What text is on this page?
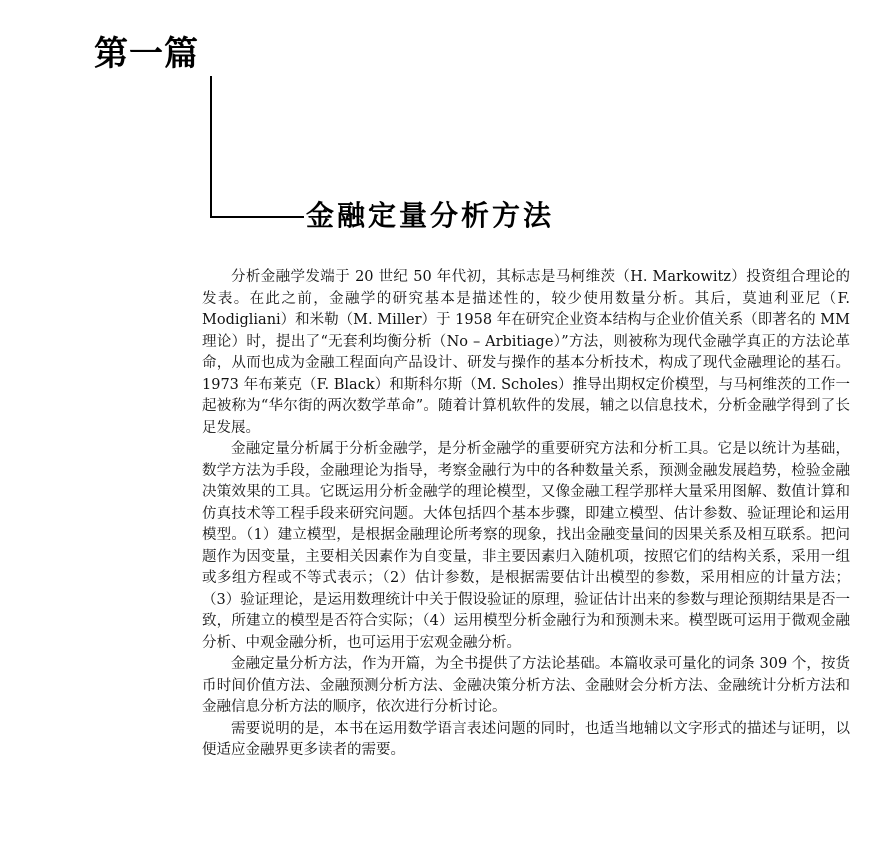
第一篇
金融定量分析方法

分析金融学发端于 20 世纪 50 年代初，其标志是马柯维茨（H. Markowitz）投资组合理论的发表。在此之前，金融学的研究基本是描述性的，较少使用数量分析。其后，莫迪利亚尼（F. Modigliani）和米勒（M. Miller）于 1958 年在研究企业资本结构与企业价值关系（即著名的 MM 理论）时，提出了“无套利均衡分析（No – Arbitiage）”方法，则被称为现代金融学真正的方法论革命，从而也成为金融工程面向产品设计、研发与操作的基本分析技术，构成了现代金融理论的基石。1973 年布莱克（F. Black）和斯科尔斯（M. Scholes）推导出期权定价模型，与马柯维茨的工作一起被称为“华尔街的两次数学革命”。随着计算机软件的发展，辅之以信息技术，分析金融学得到了长足发展。

金融定量分析属于分析金融学，是分析金融学的重要研究方法和分析工具。它是以统计为基础，数学方法为手段，金融理论为指导，考察金融行为中的各种数量关系，预测金融发展趋势，检验金融决策效果的工具。它既运用分析金融学的理论模型，又像金融工程学那样大量采用图解、数值计算和仿真技术等工程手段来研究问题。大体包括四个基本步骤，即建立模型、估计参数、验证理论和运用模型。（1）建立模型，是根据金融理论所考察的现象，找出金融变量间的因果关系及相互联系。把问题作为因变量，主要相关因素作为自变量，非主要因素归入随机项，按照它们的结构关系，采用一组或多组方程或不等式表示；（2）估计参数，是根据需要估计出模型的参数，采用相应的计量方法；（3）验证理论，是运用数理统计中关于假设验证的原理，验证估计出来的参数与理论预期结果是否一致，所建立的模型是否符合实际；（4）运用模型分析金融行为和预测未来。模型既可运用于微观金融分析、中观金融分析，也可运用于宏观金融分析。

金融定量分析方法，作为开篇，为全书提供了方法论基础。本篇收录可量化的词条 309 个，按货币时间价值方法、金融预测分析方法、金融决策分析方法、金融财会分析方法、金融统计分析方法和金融信息分析方法的顺序，依次进行分析讨论。

需要说明的是，本书在运用数学语言表述问题的同时，也适当地辅以文字形式的描述与证明，以便适应金融界更多读者的需要。
